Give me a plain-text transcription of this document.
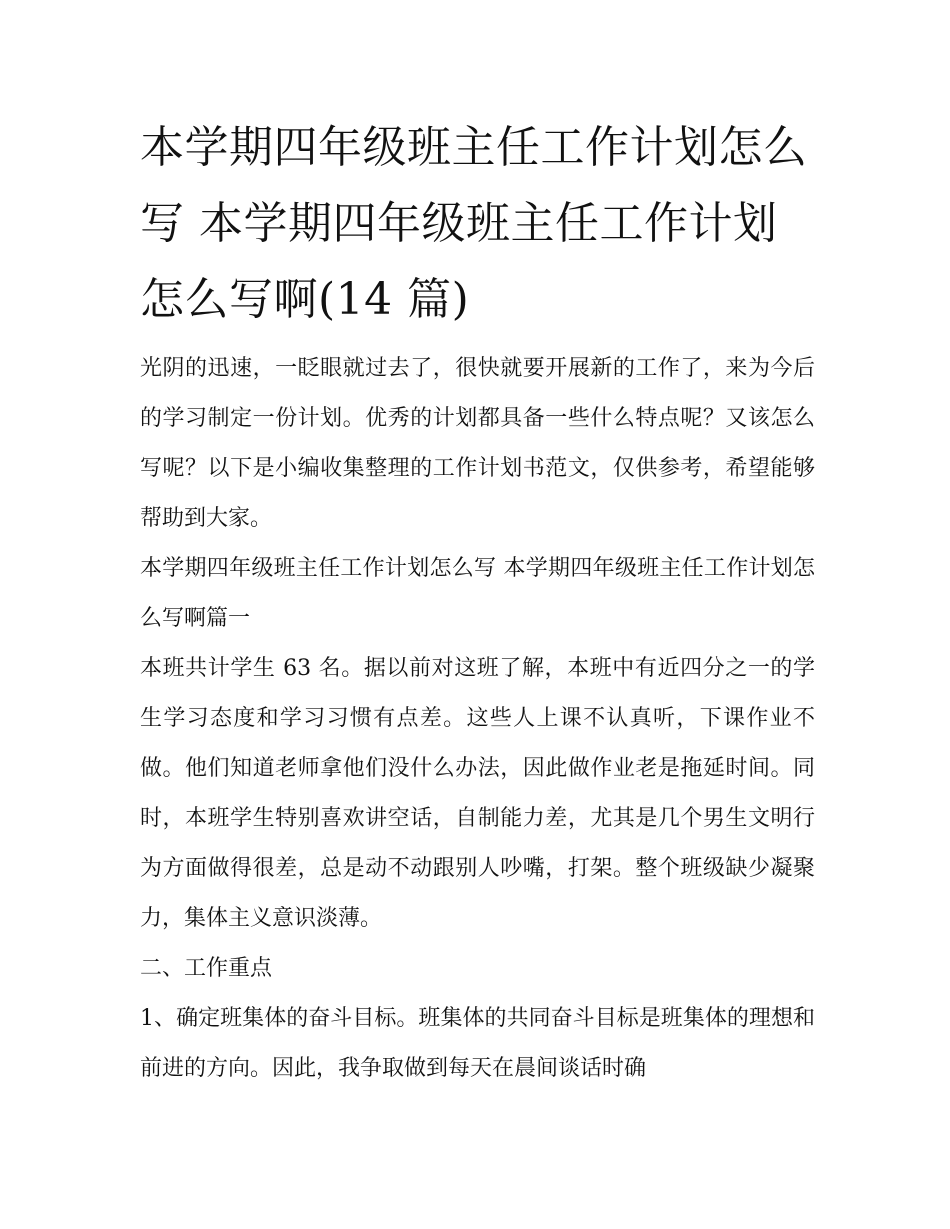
本学期四年级班主任工作计划怎么写 本学期四年级班主任工作计划怎么写啊(14 篇)

光阴的迅速，一眨眼就过去了，很快就要开展新的工作了，来为今后的学习制定一份计划。优秀的计划都具备一些什么特点呢？又该怎么写呢？以下是小编收集整理的工作计划书范文，仅供参考，希望能够帮助到大家。

本学期四年级班主任工作计划怎么写 本学期四年级班主任工作计划怎么写啊篇一

本班共计学生 63 名。据以前对这班了解，本班中有近四分之一的学生学习态度和学习习惯有点差。这些人上课不认真听，下课作业不做。他们知道老师拿他们没什么办法，因此做作业老是拖延时间。同时，本班学生特别喜欢讲空话，自制能力差，尤其是几个男生文明行为方面做得很差，总是动不动跟别人吵嘴，打架。整个班级缺少凝聚力，集体主义意识淡薄。

二、工作重点

1、确定班集体的奋斗目标。班集体的共同奋斗目标是班集体的理想和前进的方向。因此，我争取做到每天在晨间谈话时确
